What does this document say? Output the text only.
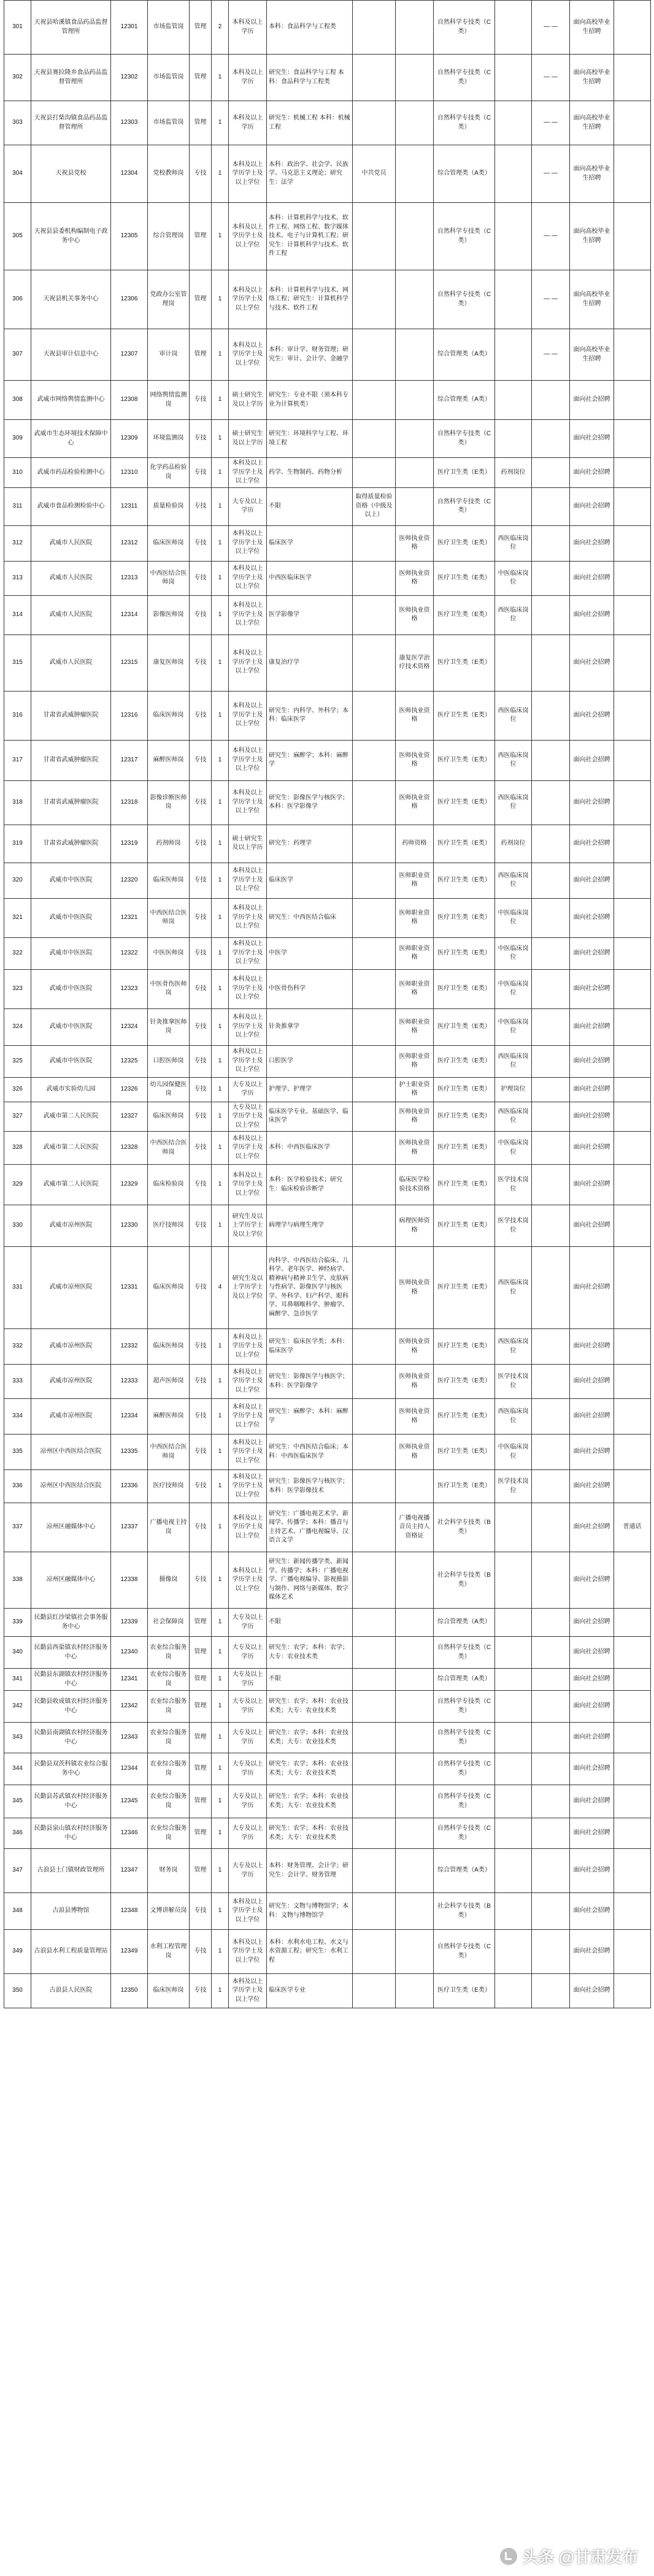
301	天祝县哈溪镇食品药品监督管理所	12301	市场监管岗	管理	2	本科及以上学历	本科：食品科学与工程类			自然科学专技类（C类）		— —	面向高校毕业生招聘	
302	天祝县赛拉隆乡食品药品监督管理所	12302	市场监管岗	管理	1	本科及以上学历	研究生：食品科学与工程 本科：食品科学与工程类			自然科学专技类（C类）		— —	面向高校毕业生招聘	
303	天祝县打柴沟镇食品药品监督管理所	12303	市场监管岗	管理	1	本科及以上学历	研究生：机械工程 本科：机械工程			自然科学专技类（C类）		— —	面向高校毕业生招聘	
304	天祝县党校	12304	党校教师岗	专技	1	本科及以上学历学士及以上学位	本科：政治学、社会学、民族学、马克思主义理论；研究生：法学	中共党员		综合管理类（A类）		— —	面向高校毕业生招聘	
305	天祝县县委机构编制电子政务中心	12305	综合管理岗	管理	1	本科及以上学历学士及以上学位	本科：计算机科学与技术、软件工程、网络工程、数字媒体技术、电子与计算机工程；研究生：计算机科学与技术、软件工程			自然科学专技类（C类）		— —	面向高校毕业生招聘	
306	天祝县机关事务中心	12306	党政办公室管理岗	管理	1	本科及以上学历学士及以上学位	本科：计算机科学与技术、网络工程；研究生：计算机科学与技术、软件工程			自然科学专技类（C类）		— —	面向高校毕业生招聘	
307	天祝县审计信息中心	12307	审计岗	管理	1	本科及以上学历学士及以上学位	本科：审计学、财务管理；研究生：审计、会计学、金融学			综合管理类（A类）		— —	面向高校毕业生招聘	
308	武威市网络舆情监测中心	12308	网络舆情监测岗	专技	1	硕士研究生及以上学历	研究生：专业不限（须本科专业为计算机类）			综合管理类（A类）			面向社会招聘	
309	武威市生态环境技术保障中心	12309	环境监测岗	专技	1	硕士研究生及以上学历	研究生：环境科学与工程、环境工程			自然科学专技类（C类）			面向社会招聘	
310	武威市药品检验检测中心	12310	化学药品检验岗	专技	1	本科及以上学历学士及以上学位	药学、生物制药、药物分析			医疗卫生类（E类）	药剂岗位		面向社会招聘	
311	武威市食品检测检验中心	12311	质量检验岗	专技	1	大专及以上学历	不限	取得质量检验资格（中级及以上）		自然科学专技类（C类）			面向社会招聘	
312	武威市人民医院	12312	临床医师岗	专技	1	本科及以上学历学士及以上学位	临床医学		医师执业资格	医疗卫生类（E类）	西医临床岗位		面向社会招聘	
313	武威市人民医院	12313	中西医结合医师岗	专技	1	本科及以上学历学士及以上学位	中西医临床医学		医师执业资格	医疗卫生类（E类）	中医临床岗位		面向社会招聘	
314	武威市人民医院	12314	影像医师岗	专技	1	本科及以上学历学士及以上学位	医学影像学		医师执业资格	医疗卫生类（E类）	西医临床岗位		面向社会招聘	
315	武威市人民医院	12315	康复医师岗	专技	1	本科及以上学历学士及以上学位	康复治疗学		康复医学治疗技术资格	医疗卫生类（E类）			面向社会招聘	
316	甘肃省武威肿瘤医院	12316	临床医师岗	专技	1	本科及以上学历学士及以上学位	研究生：内科学、外科学；本科：临床医学		医师执业资格	医疗卫生类（E类）	西医临床岗位		面向社会招聘	
317	甘肃省武威肿瘤医院	12317	麻醉医师岗	专技	1	本科及以上学历学士及以上学位	研究生：麻醉学；本科：麻醉学		医师执业资格	医疗卫生类（E类）	西医临床岗位		面向社会招聘	
318	甘肃省武威肿瘤医院	12318	影像诊断医师岗	专技	1	本科及以上学历学士及以上学位	研究生：影像医学与核医学；本科：医学影像学		医师执业资格	医疗卫生类（E类）	西医临床岗位		面向社会招聘	
319	甘肃省武威肿瘤医院	12319	药剂师岗	专技	1	硕士研究生及以上学历	研究生：药理学		药师资格	医疗卫生类（E类）	药剂岗位		面向社会招聘	
320	武威市中医医院	12320	临床医师岗	专技	1	本科及以上学历学士及以上学位	临床医学		医师职业资格	医疗卫生类（E类）	西医临床岗位		面向社会招聘	
321	武威市中医医院	12321	中西医结合医师岗	专技	1	本科及以上学历学士及以上学位	研究生：中西医结合临床		医师职业资格	医疗卫生类（E类）	中医临床岗位		面向社会招聘	
322	武威市中医医院	12322	中医医师岗	专技	1	本科及以上学历学士及以上学位	中医学		医师职业资格	医疗卫生类（E类）	中医临床岗位		面向社会招聘	
323	武威市中医医院	12323	中医骨伤医师岗	专技	1	本科及以上学历学士及以上学位	中医骨伤科学		医师职业资格	医疗卫生类（E类）	中医临床岗位		面向社会招聘	
324	武威市中医医院	12324	针灸推拿医师岗	专技	1	本科及以上学历学士及以上学位	针灸推拿学		医师职业资格	医疗卫生类（E类）	中医临床岗位		面向社会招聘	
325	武威市中医医院	12325	口腔医师岗	专技	1	本科及以上学历学士及以上学位	口腔医学		医师职业资格	医疗卫生类（E类）	西医临床岗位		面向社会招聘	
326	武威市实验幼儿园	12326	幼儿园保健医岗	专技	1	大专及以上学历	护理学、护理学		护士职业资格	医疗卫生类（E类）	护理岗位		面向社会招聘	
327	武威市第二人民医院	12327	临床医师岗	专技	1	大专及以上学历学士及以上学位	临床医学专业、基础医学、临床医学		医师执业资格	医疗卫生类（E类）	西医临床岗位		面向社会招聘	
328	武威市第二人民医院	12328	中西医结合医师岗	专技	1	本科及以上学历学士及以上学位	本科：中西医临床医学		医师执业资格	医疗卫生类（E类）	中医临床岗位		面向社会招聘	
329	武威市第二人民医院	12329	临床检验岗	专技	1	本科及以上学历学士及以上学位	本科：医学检验技术；研究生：临床检验诊断学		临床医学检验技术资格	医疗卫生类（E类）	医学技术岗位		面向社会招聘	
330	武威市凉州医院	12330	医疗技师岗	专技	1	研究生及以上学历学士及以上学位	病理学与病理生理学		病理医师资格	医疗卫生类（E类）	医学技术岗位		面向社会招聘	
331	武威市凉州医院	12331	临床医师岗	专技	4	研究生及以上学历学士及以上学位	内科学、中西医结合临床、儿科学、老年医学、神经病学、精神病与精神卫生学、皮肤病与性病学、影像医学与核医学、外科学、妇产科学、眼科学、耳鼻咽喉科学、肿瘤学、麻醉学、急诊医学		医师执业资格	医疗卫生类（E类）	西医临床岗位		面向社会招聘	
332	武威市凉州医院	12332	临床医师岗	专技	1	本科及以上学历学士及以上学位	研究生：临床医学类；本科：临床医学		医师执业资格	医疗卫生类（E类）	西医临床岗位		面向社会招聘	
333	武威市凉州医院	12333	超声医师岗	专技	1	本科及以上学历学士及以上学位	研究生：影像医学与核医学；本科：医学影像学		医师执业资格	医疗卫生类（E类）	医学技术岗位		面向社会招聘	
334	武威市凉州医院	12334	麻醉医师岗	专技	1	本科及以上学历学士及以上学位	研究生：麻醉学；本科：麻醉学		医师执业资格	医疗卫生类（E类）	西医临床岗位		面向社会招聘	
335	凉州区中西医结合医院	12335	中西医结合医师岗	专技	1	本科及以上学历学士及以上学位	研究生：中西医结合临床；本科：中西医临床医学		医师执业资格	医疗卫生类（E类）	中医临床岗位		面向社会招聘	
336	凉州区中西医结合医院	12336	医疗技师岗	专技	1	本科及以上学历学士及以上学位	研究生：影像医学与核医学；本科：医学影像技术			医疗卫生类（E类）	医学技术岗位		面向社会招聘	
337	凉州区融媒体中心	12337	广播电视主持岗	专技	1	本科及以上学历学士及以上学位	研究生：广播电视艺术学、新闻学、传播学；本科：播音与主持艺术、广播电视编导、汉语言文学		广播电视播音员主持人资格证	社会科学专技类（B类）			面向社会招聘	普通话
338	凉州区融媒体中心	12338	摄像岗	专技	1	本科及以上学历学士及以上学位	研究生：新闻传播学类、新闻学、传播学；本科：广播电视学、广播电视编导、影视摄影与制作、网络与新媒体、数字媒体艺术			社会科学专技类（B类）			面向社会招聘	
339	民勤县红沙梁镇社会事务服务中心	12339	社会保障岗	管理	1	大专及以上学历	不限			综合管理类（A类）			面向社会招聘	
340	民勤县西渠镇农村经济服务中心	12340	农业综合服务岗	管理	1	大专及以上学历	研究生：农学；本科：农学；大专：农业技术类			自然科学专技类（C类）			面向社会招聘	
341	民勤县东湖镇农村经济服务中心	12341	农业综合服务岗	管理	1	大专及以上学历	不限			综合管理类（A类）			面向社会招聘	
342	民勤县收成镇农村经济服务中心	12342	农业综合服务岗	管理	1	大专及以上学历	研究生：农学；本科：农业技术类；大专：农业技术类			自然科学专技类（C类）			面向社会招聘	
343	民勤县南湖镇农村经济服务中心	12343	农业综合服务岗	管理	1	大专及以上学历	研究生：农学；本科：农业技术类；大专：农业技术类			自然科学专技类（C类）			面向社会招聘	
344	民勤县双茨科镇农业综合服务中心	12344	农业综合服务岗	管理	1	大专及以上学历	研究生：农学；本科：农业技术类；大专：农业技术类			自然科学专技类（C类）			面向社会招聘	
345	民勤县苏武镇农村经济服务中心	12345	农业综合服务岗	管理	1	大专及以上学历	研究生：农学；本科：农业技术类；大专：农业技术类			自然科学专技类（C类）			面向社会招聘	
346	民勤县泉山镇农村经济服务中心	12346	农业综合服务岗	管理	1	大专及以上学历	研究生：农学；本科：农业技术类；大专：农业技术类			自然科学专技类（C类）			面向社会招聘	
347	古浪县土门镇财政管理所	12347	财务岗	管理	1	大专及以上学历	本科：财务管理、会计学；研究生：会计学、财务管理			综合管理类（A类）			面向社会招聘	
348	古浪县博物馆	12348	文博讲解员岗	专技	1	本科及以上学历学士及以上学位	研究生：文物与博物馆学；本科：文物与博物馆学			社会科学专技类（B类）			面向社会招聘	
349	古浪县水利工程质量管理站	12349	水利工程管理岗	专技	1	本科及以上学历学士及以上学位	本科：水利水电工程、水文与水资源工程；研究生：水利工程			自然科学专技类（C类）			面向社会招聘	
350	古浪县人民医院	12350	临床医师岗	专技	1	本科及以上学历学士及以上学位	临床医学专业			医疗卫生类（E类）			面向社会招聘	
头条 @甘肃发布
